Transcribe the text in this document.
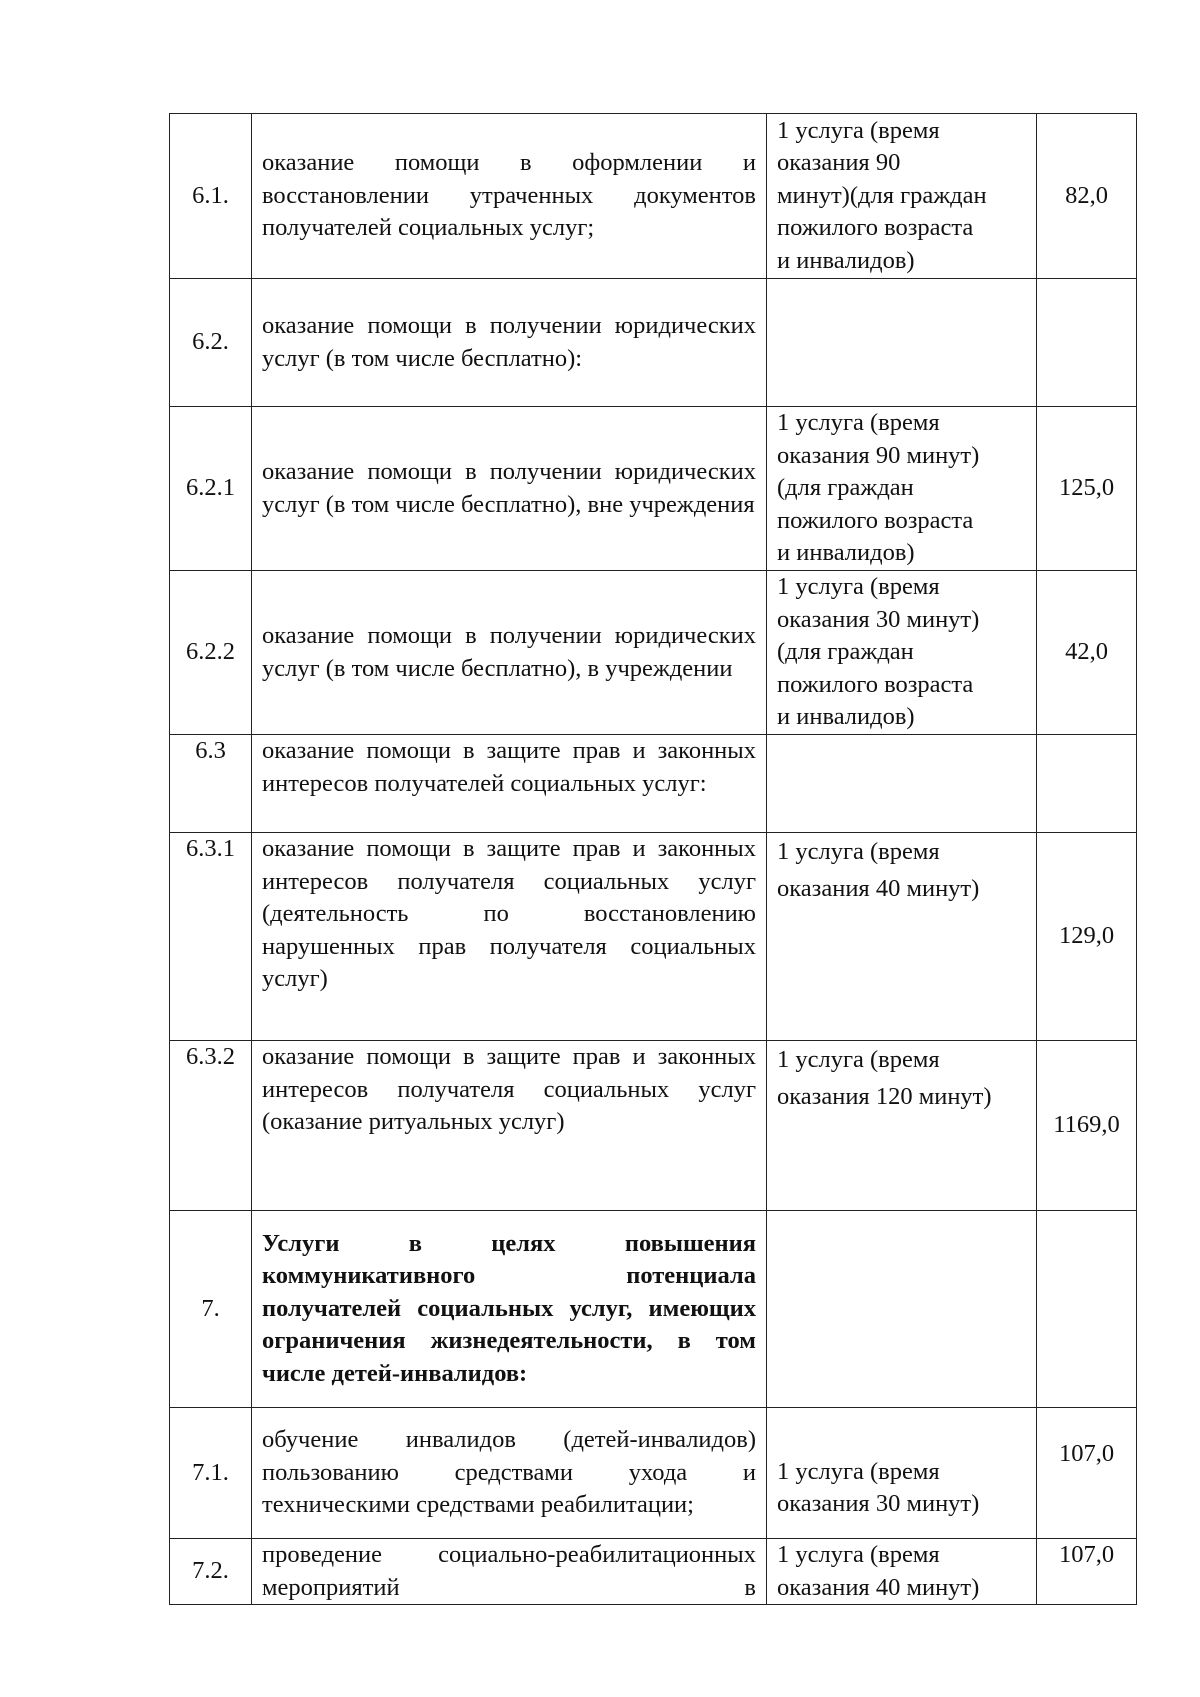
6.1.	оказание помощи в оформлении и восстановлении утраченных документов получателей социальных услуг;	1 услуга (время
оказания 90
минут)(для граждан
пожилого возраста
и инвалидов)	82,0
6.2.	оказание помощи в получении юридических услуг (в том числе бесплатно):		
6.2.1	оказание помощи в получении юридических услуг (в том числе бесплатно), вне учреждения	1 услуга (время
оказания 90 минут)
(для граждан
пожилого возраста
и инвалидов)	125,0
6.2.2	оказание помощи в получении юридических услуг (в том числе бесплатно), в учреждении	1 услуга (время
оказания 30 минут)
(для граждан
пожилого возраста
и инвалидов)	42,0
6.3	оказание помощи в защите прав и законных интересов получателей социальных услуг:		
6.3.1	оказание помощи в защите прав и законных интересов получателя социальных услуг (деятельность по восстановлению нарушенных прав получателя социальных услуг)	1 услуга (время
оказания 40 минут)	129,0
6.3.2	оказание помощи в защите прав и законных интересов получателя социальных услуг (оказание ритуальных услуг)	1 услуга (время
оказания 120 минут)	1169,0
7.	Услуги в целях повышения коммуникативного потенциала получателей социальных услуг, имеющих ограничения жизнедеятельности, в том числе детей-инвалидов:		
7.1.	обучение инвалидов (детей-инвалидов) пользованию средствами ухода и техническими средствами реабилитации;	1 услуга (время
оказания 30 минут)	107,0
7.2.	проведение социально-реабилитационных мероприятий в	1 услуга (время
оказания 40 минут)	107,0
